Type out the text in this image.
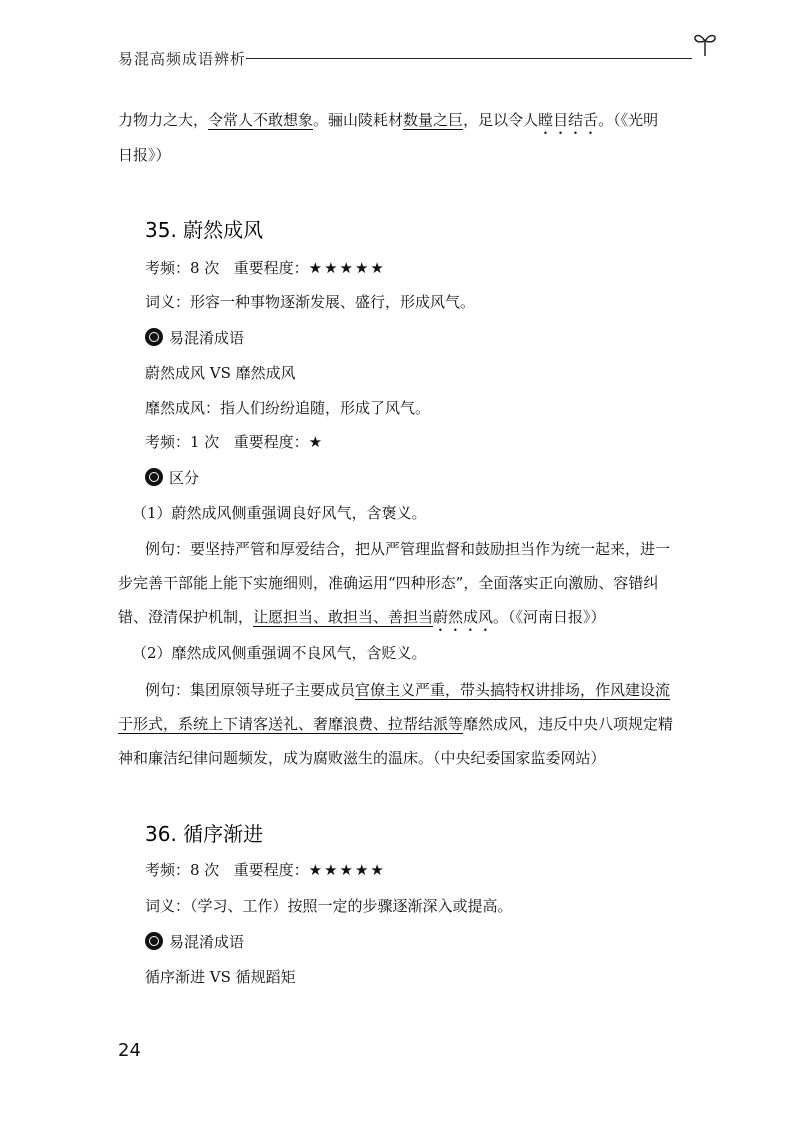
易混高频成语辨析
力物力之大，令常人不敢想象。骊山陵耗材数量之巨，足以令人瞠目结舌。（《光明
日报》）
35. 蔚然成风
考频：8 次 重要程度：★★★★★
词义：形容一种事物逐渐发展、盛行，形成风气。
易混淆成语
蔚然成风 VS 靡然成风
靡然成风：指人们纷纷追随，形成了风气。
考频：1 次 重要程度：★
区分
（1）蔚然成风侧重强调良好风气，含褒义。
例句：要坚持严管和厚爱结合，把从严管理监督和鼓励担当作为统一起来，进一
步完善干部能上能下实施细则，准确运用“四种形态”，全面落实正向激励、容错纠
错、澄清保护机制，让愿担当、敢担当、善担当蔚然成风。（《河南日报》）
（2）靡然成风侧重强调不良风气，含贬义。
例句：集团原领导班子主要成员官僚主义严重，带头搞特权讲排场，作风建设流
于形式，系统上下请客送礼、奢靡浪费、拉帮结派等靡然成风，违反中央八项规定精
神和廉洁纪律问题频发，成为腐败滋生的温床。（中央纪委国家监委网站）
36. 循序渐进
考频：8 次 重要程度：★★★★★
词义：（学习、工作）按照一定的步骤逐渐深入或提高。
易混淆成语
循序渐进 VS 循规蹈矩
24
